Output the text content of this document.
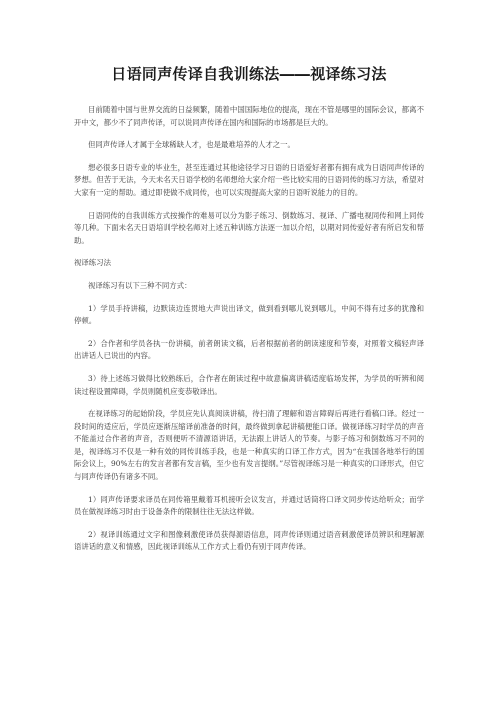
日语同声传译自我训练法――视译练习法

目前随着中国与世界交流的日益频繁，随着中国国际地位的提高，现在不管是哪里的国际会议，都离不开中文，都少不了同声传译，可以说同声传译在国内和国际的市场都是巨大的。

但同声传译人才属于全球稀缺人才，也是最难培养的人才之一。

想必很多日语专业的毕业生，甚至连通过其他途径学习日语的日语爱好者都有拥有成为日语同声传译的梦想。但苦于无法，今天未名天日语学校的名师想给大家介绍一些比较实用的日语同传的练习方法，希望对大家有一定的帮助。通过即使做不成同传，也可以实现提高大家的日语听说能力的目的。

日语同传的自我训练方式按操作的难易可以分为影子练习、倒数练习、视译、广播电视同传和网上同传等几种。下面未名天日语培训学校名师对上述五种训练方法逐一加以介绍，以期对同传爱好者有所启发和帮助。

视译练习法

视译练习有以下三种不同方式：

1）学员手持讲稿，边默读边连贯地大声说出译文，做到看到哪儿说到哪儿，中间不得有过多的犹豫和停顿。

2）合作者和学员各执一份讲稿，前者朗读文稿，后者根据前者的朗读速度和节奏，对照着文稿轻声译出讲话人已说出的内容。

3）待上述练习做得比较熟练后，合作者在朗读过程中故意偏离讲稿适度临场发挥，为学员的听辨和阅读过程设置障碍，学员则随机应变恭敬译出。

在视译练习的起始阶段，学员应先认真阅读讲稿，待扫清了理解和语言障碍后再进行看稿口译。经过一段时间的适应后，学员应逐渐压缩译前准备的时间，最终做到拿起讲稿便能口译。做视译练习时学员的声音不能盖过合作者的声音，否则便听不清源语讲话，无法跟上讲话人的节奏。与影子练习和倒数练习不同的是，视译练习不仅是一种有效的同传训练手段，也是一种真实的口译工作方式，因为“在我国各地举行的国际会议上，90%左右的发言者都有发言稿，至少也有发言提纲。”尽管视译练习是一种真实的口译形式，但它与同声传译仍有诸多不同。

1）同声传译要求译员在同传箱里戴着耳机接听会议发言，并通过话筒将口译文同步传达给听众；而学员在做视译练习时由于设备条件的限制往往无法这样做。

2）视译训练通过文字和图像刺激使译员获得源语信息，同声传译则通过语音刺激使译员辨识和理解源语讲话的意义和情感，因此视译训练从工作方式上看仍有别于同声传译。
